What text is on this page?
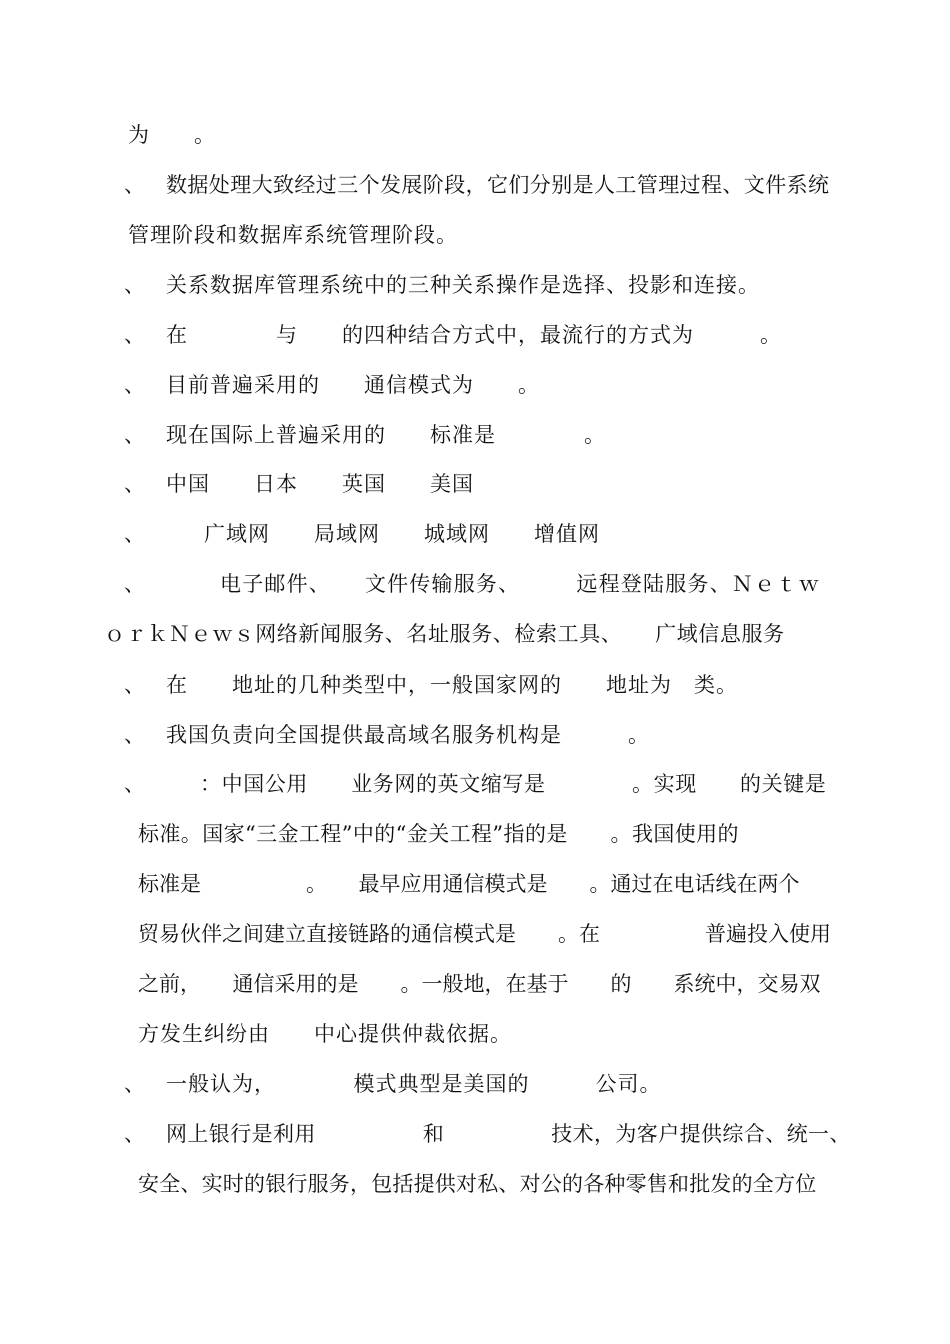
为　　。
、 数据处理大致经过三个发展阶段，它们分别是人工管理过程、文件系统
管理阶段和数据库系统管理阶段。
、 关系数据库管理系统中的三种关系操作是选择、投影和连接。
、 在　　　　与　　的四种结合方式中，最流行的方式为　　　。
、 目前普遍采用的　　通信模式为　　。
、 现在国际上普遍采用的　　标准是　　　　。
、 中国　　日本　　英国　　美国
、	广域网　　局域网　　城域网　　增值网
、	电子邮件、　　文件传输服务、　　　远程登陆服务、Ｎｅｔｗ
ｏｒｋＮｅｗｓ网络新闻服务、名址服务、检索工具、　　广域信息服务
、 在　　地址的几种类型中，一般国家网的　　地址为　类。
、 我国负责向全国提供最高域名服务机构是　　　。
、	：中国公用　　业务网的英文缩写是　　　　。实现　　的关键是
标准。国家“三金工程”中的“金关工程”指的是　　。我国使用的
标准是　　　　　。　　最早应用通信模式是　　。通过在电话线在两个
贸易伙伴之间建立直接链路的通信模式是　　。在　　　　　普遍投入使用
之前，　　通信采用的是　　。一般地，在基于　　的　　系统中，交易双
方发生纠纷由　　中心提供仲裁依据。
、 一般认为，　　　　模式典型是美国的　　　公司。
、 网上银行是利用　　　　　和　　　　　技术，为客户提供综合、统一、
安全、实时的银行服务，包括提供对私、对公的各种零售和批发的全方位
